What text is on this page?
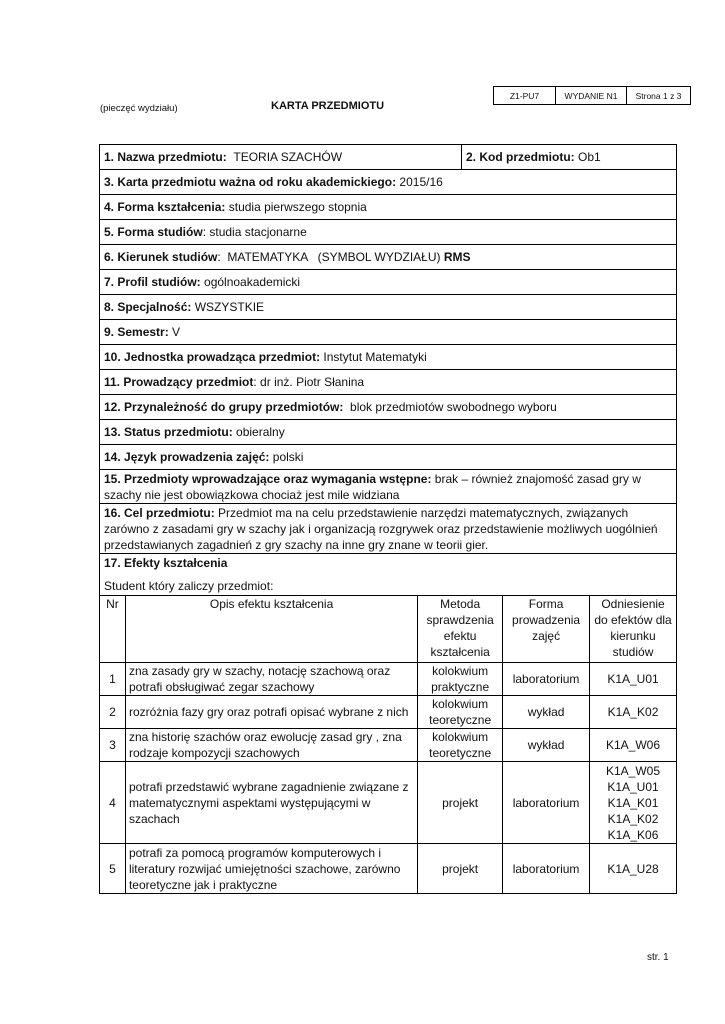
Z1-PU7	WYDANIE N1	Strona 1 z 3
(pieczęć wydziału)	KARTA PRZEDMIOTU
1. Nazwa przedmiotu:
TEORIA SZACHÓW	2. Kod przedmiotu:
Ob1
3. Karta przedmiotu ważna od roku akademickiego:
2015/16
4. Forma kształcenia:
studia pierwszego stopnia
5. Forma studiów : studia stacjonarne
6. Kierunek studiów :  MATEMATYKA   (SYMBOL WYDZIAŁU)
RMS
7. Profil studiów:
ogólnoakademicki
8. Specjalność:
WSZYSTKIE
9. Semestr:
V
10. Jednostka prowadząca przedmiot:
Instytut Matematyki
11. Prowadzący przedmiot : dr inż. Piotr Słanina
12. Przynależność do grupy przedmiotów:
blok przedmiotów swobodnego wyboru
13. Status przedmiotu:
obieralny
14. Język prowadzenia zajęć:
polski
15. Przedmioty wprowadzające oraz wymagania wstępne: brak – również znajomość zasad gry w szachy nie jest obowiązkowa chociaż jest mile widziana
16. Cel przedmiotu: Przedmiot ma na celu przedstawienie narzędzi matematycznych, związanych zarówno z zasadami gry w szachy jak i organizacją rozgrywek oraz przedstawienie możliwych uogólnień przedstawianych zagadnień z gry szachy na inne gry znane w teorii gier.
17. Efekty kształcenia
Student który zaliczy przedmiot:
Nr	Opis efektu kształcenia	Metoda sprawdzenia efektu kształcenia	Forma prowadzenia zajęć	Odniesienie do efektów dla kierunku studiów
1	zna zasady gry w szachy, notację szachową oraz potrafi obsługiwać zegar szachowy	kolokwium praktyczne	laboratorium	K1A_U01
2	rozróżnia fazy gry oraz potrafi opisać wybrane z nich	kolokwium teoretyczne	wykład	K1A_K02
3	zna historię szachów oraz ewolucję zasad gry , zna rodzaje kompozycji szachowych	kolokwium teoretyczne	wykład	K1A_W06
4	potrafi przedstawić wybrane zagadnienie związane z matematycznymi aspektami występującymi w szachach	projekt	laboratorium	K1A_W05 K1A_U01 K1A_K01 K1A_K02 K1A_K06
5	potrafi za pomocą programów komputerowych i literatury rozwijać umiejętności szachowe, zarówno teoretyczne jak i praktyczne	projekt	laboratorium	K1A_U28
str. 1
